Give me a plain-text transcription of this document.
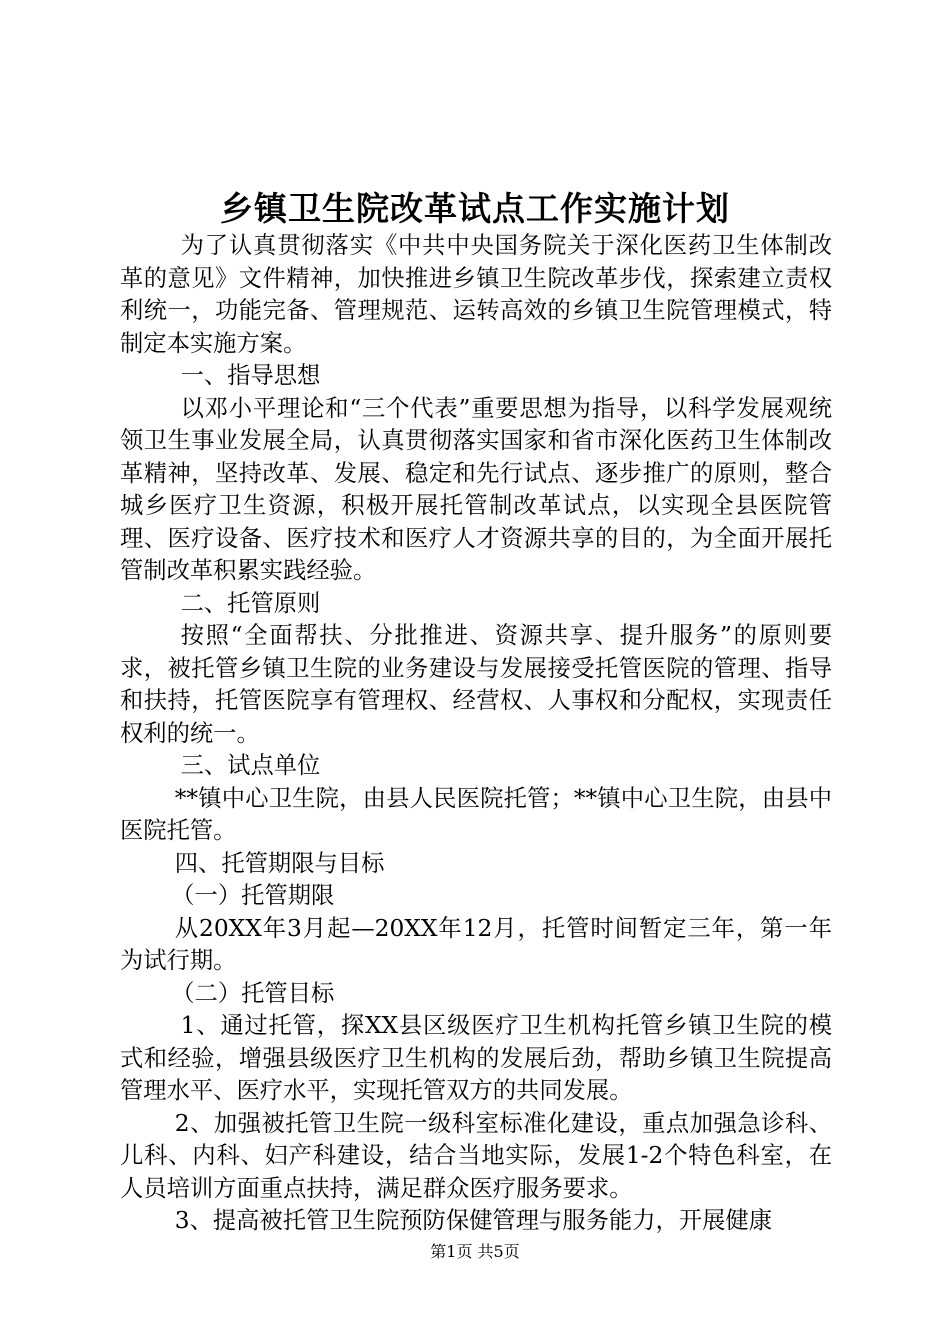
乡镇卫生院改革试点工作实施计划

为了认真贯彻落实《中共中央国务院关于深化医药卫生体制改革的意见》文件精神，加快推进乡镇卫生院改革步伐，探索建立责权利统一，功能完备、管理规范、运转高效的乡镇卫生院管理模式，特制定本实施方案。

一、指导思想

以邓小平理论和“三个代表”重要思想为指导，以科学发展观统领卫生事业发展全局，认真贯彻落实国家和省市深化医药卫生体制改革精神，坚持改革、发展、稳定和先行试点、逐步推广的原则，整合城乡医疗卫生资源，积极开展托管制改革试点，以实现全县医院管理、医疗设备、医疗技术和医疗人才资源共享的目的，为全面开展托管制改革积累实践经验。

二、托管原则

按照“全面帮扶、分批推进、资源共享、提升服务”的原则要求，被托管乡镇卫生院的业务建设与发展接受托管医院的管理、指导和扶持，托管医院享有管理权、经营权、人事权和分配权，实现责任权利的统一。

三、试点单位

**镇中心卫生院，由县人民医院托管；**镇中心卫生院，由县中医院托管。

四、托管期限与目标

（一）托管期限

从20XX年3月起—20XX年12月，托管时间暂定三年，第一年为试行期。

（二）托管目标

1、通过托管，探XX县区级医疗卫生机构托管乡镇卫生院的模式和经验，增强县级医疗卫生机构的发展后劲，帮助乡镇卫生院提高管理水平、医疗水平，实现托管双方的共同发展。

2、加强被托管卫生院一级科室标准化建设，重点加强急诊科、儿科、内科、妇产科建设，结合当地实际，发展1-2个特色科室，在人员培训方面重点扶持，满足群众医疗服务要求。

3、提高被托管卫生院预防保健管理与服务能力，开展健康

第1页 共5页
